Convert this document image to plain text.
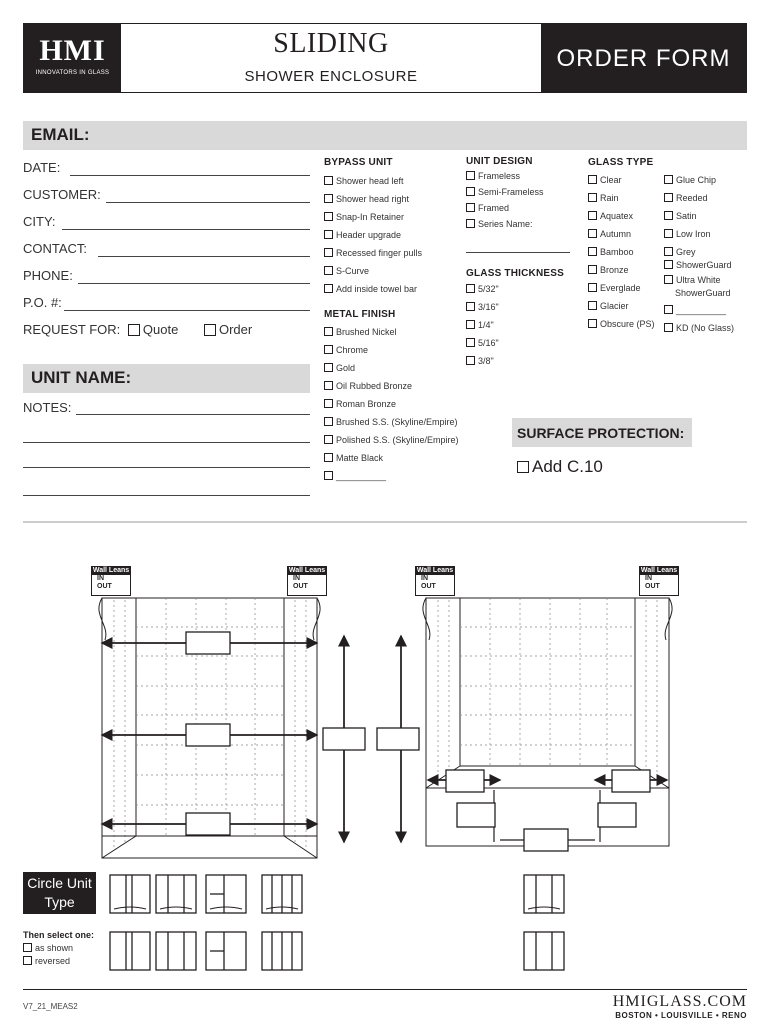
HMI
INNOVATORS IN GLASS
SLIDING
SHOWER ENCLOSURE
ORDER FORM
EMAIL:
DATE:
CUSTOMER:
CITY:
CONTACT:
PHONE:
P.O. #:
REQUEST FOR: Quote	Order
UNIT NAME:
NOTES:
BYPASS UNIT
Shower head left
Shower head right
Snap-In Retainer
Header upgrade
Recessed finger pulls
S-Curve
Add inside towel bar
METAL FINISH
Brushed Nickel
Chrome
Gold
Oil Rubbed Bronze
Roman Bronze
Brushed S.S. (Skyline/Empire)
Polished S.S. (Skyline/Empire)
Matte Black
__________
UNIT DESIGN
Frameless
Semi-Frameless
Framed
Series Name:
GLASS THICKNESS
5/32"
3/16"
1/4"
5/16"
3/8"
GLASS TYPE
Clear
Rain
Aquatex
Autumn
Bamboo
Bronze
Everglade
Glacier
Obscure (PS)
Glue Chip
Reeded
Satin
Low Iron
Grey
ShowerGuard
Ultra White ShowerGuard
__________
KD (No Glass)
SURFACE PROTECTION:
Add C.10
Wall Leans
IN
OUT
Wall Leans
IN
OUT
Wall Leans
IN
OUT
Wall Leans
IN
OUT
Circle Unit Type
Then select one:
as shown
reversed
V7_21_MEAS2	HMIGLASS.COM
BOSTON • LOUISVILLE • RENO
